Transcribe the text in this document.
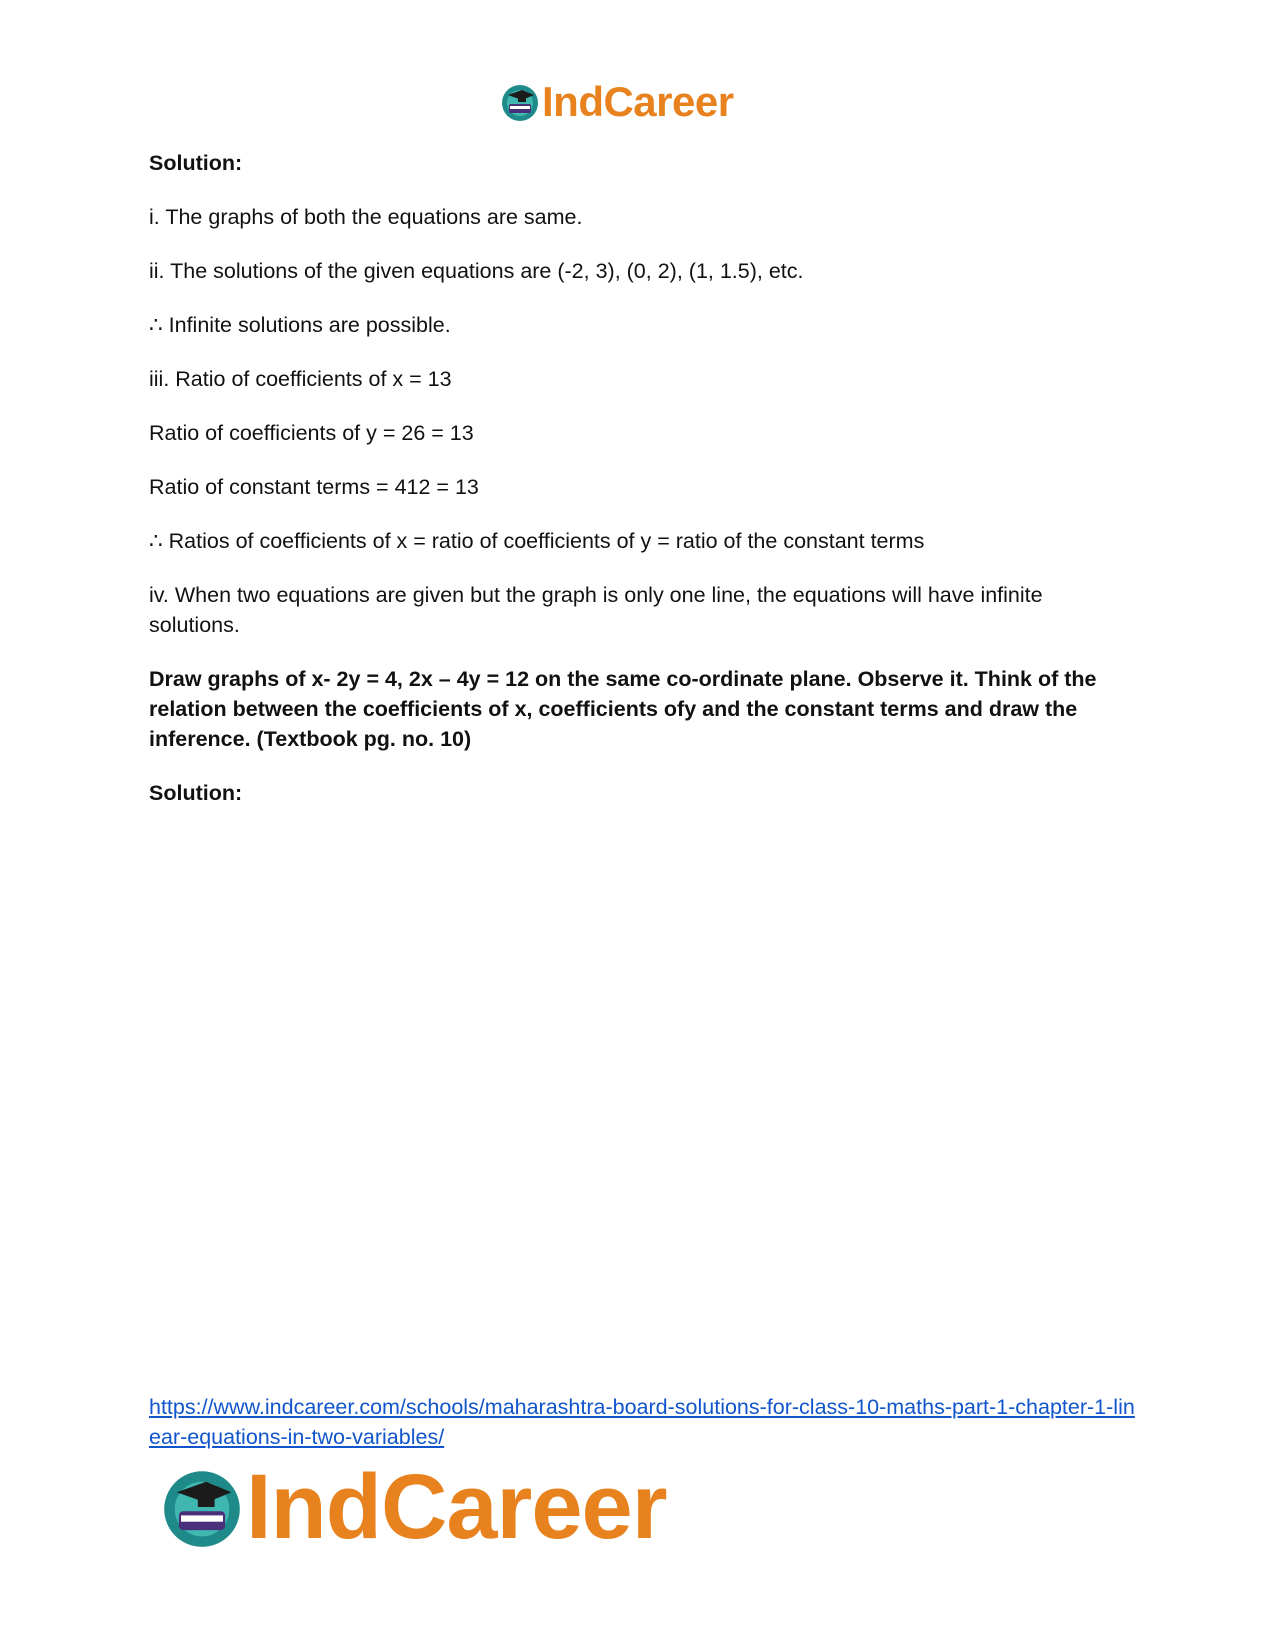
IndCareer

Solution:

i. The graphs of both the equations are same.

ii. The solutions of the given equations are (-2, 3), (0, 2), (1, 1.5), etc.

∴ Infinite solutions are possible.

iii. Ratio of coefficients of x = 13

Ratio of coefficients of y = 26 = 13

Ratio of constant terms = 412 = 13

∴ Ratios of coefficients of x = ratio of coefficients of y = ratio of the constant terms

iv. When two equations are given but the graph is only one line, the equations will have infinite solutions.

Draw graphs of x- 2y = 4, 2x – 4y = 12 on the same co-ordinate plane. Observe it. Think of the relation between the coefficients of x, coefficients ofy and the constant terms and draw the inference. (Textbook pg. no. 10)

Solution:

https://www.indcareer.com/schools/maharashtra-board-solutions-for-class-10-maths-part-1-chapter-1-linear-equations-in-two-variables/
IndCareer
